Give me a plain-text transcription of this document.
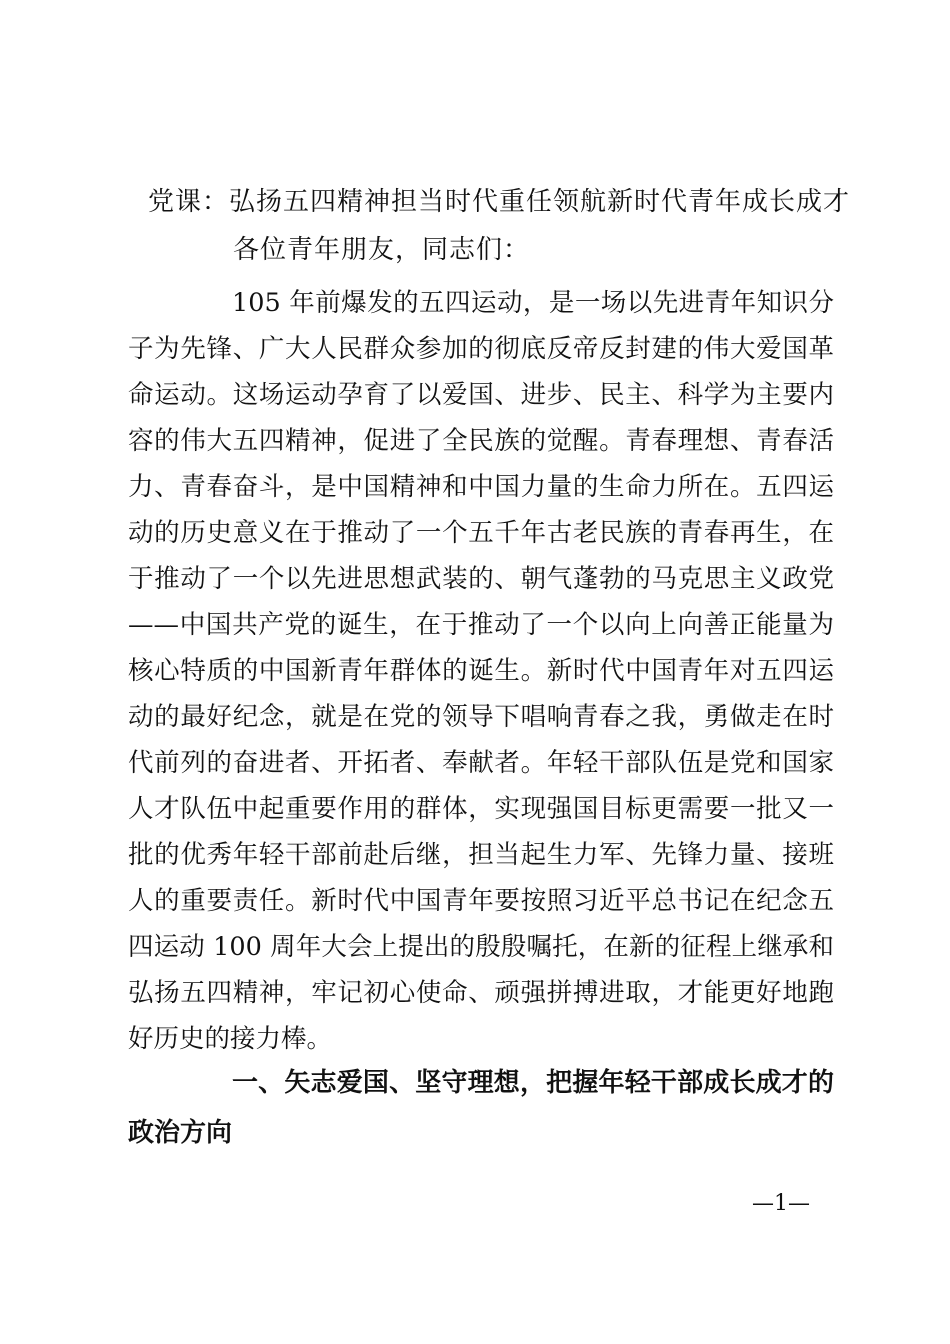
党课：弘扬五四精神担当时代重任领航新时代青年成长成才
各位青年朋友，同志们：
105 年前爆发的五四运动，是一场以先进青年知识分
子为先锋、广大人民群众参加的彻底反帝反封建的伟大爱国革
命运动。这场运动孕育了以爱国、进步、民主、科学为主要内
容的伟大五四精神，促进了全民族的觉醒。青春理想、青春活
力、青春奋斗，是中国精神和中国力量的生命力所在。五四运
动的历史意义在于推动了一个五千年古老民族的青春再生，在
于推动了一个以先进思想武装的、朝气蓬勃的马克思主义政党
——中国共产党的诞生，在于推动了一个以向上向善正能量为
核心特质的中国新青年群体的诞生。新时代中国青年对五四运
动的最好纪念，就是在党的领导下唱响青春之我，勇做走在时
代前列的奋进者、开拓者、奉献者。年轻干部队伍是党和国家
人才队伍中起重要作用的群体，实现强国目标更需要一批又一
批的优秀年轻干部前赴后继，担当起生力军、先锋力量、接班
人的重要责任。新时代中国青年要按照习近平总书记在纪念五
四运动 100 周年大会上提出的殷殷嘱托，在新的征程上继承和
弘扬五四精神，牢记初心使命、顽强拼搏进取，才能更好地跑
好历史的接力棒。
一、矢志爱国、坚守理想，把握年轻干部成长成才的
政治方向
—1—
